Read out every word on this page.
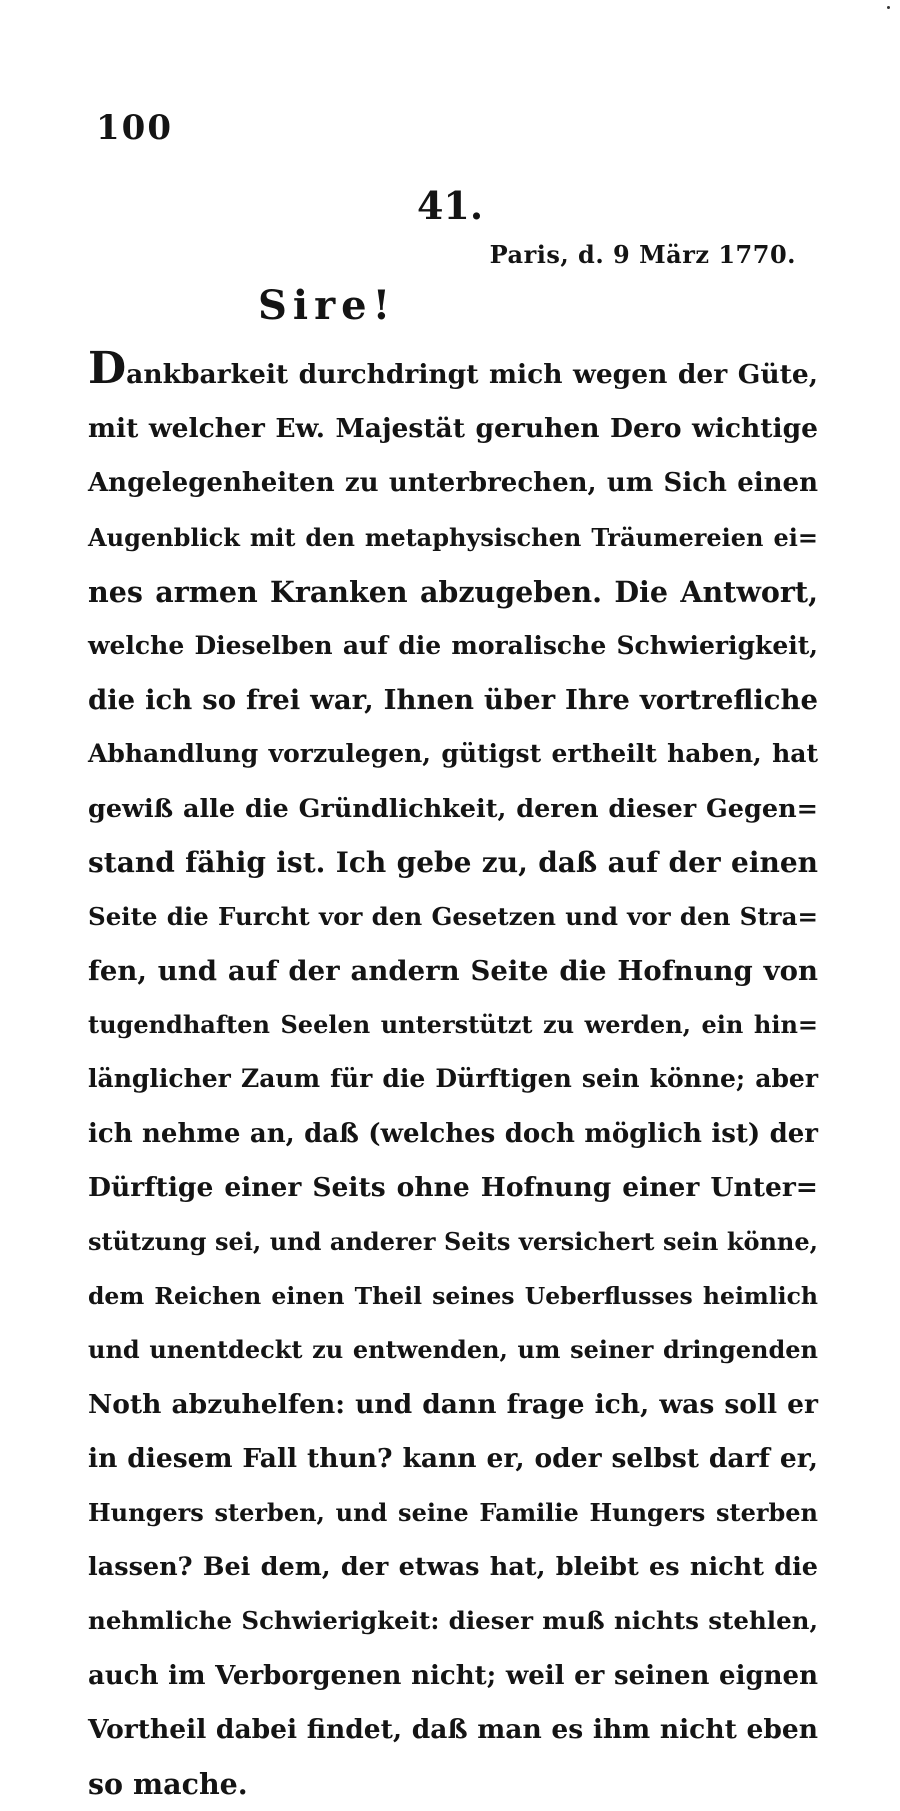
100
41.
Paris, d. 9 März 1770.
Sire!
Dankbarkeit durchdringt mich wegen der Güte,
mit welcher Ew. Majestät geruhen Dero wichtige
Angelegenheiten zu unterbrechen, um Sich einen
Augenblick mit den metaphysischen Träumereien ei=
nes armen Kranken abzugeben. Die Antwort,
welche Dieselben auf die moralische Schwierigkeit,
die ich so frei war, Ihnen über Ihre vortrefliche
Abhandlung vorzulegen, gütigst ertheilt haben, hat
gewiß alle die Gründlichkeit, deren dieser Gegen=
stand fähig ist. Ich gebe zu, daß auf der einen
Seite die Furcht vor den Gesetzen und vor den Stra=
fen, und auf der andern Seite die Hofnung von
tugendhaften Seelen unterstützt zu werden, ein hin=
länglicher Zaum für die Dürftigen sein könne; aber
ich nehme an, daß (welches doch möglich ist) der
Dürftige einer Seits ohne Hofnung einer Unter=
stützung sei, und anderer Seits versichert sein könne,
dem Reichen einen Theil seines Ueberflusses heimlich
und unentdeckt zu entwenden, um seiner dringenden
Noth abzuhelfen: und dann frage ich, was soll er
in diesem Fall thun? kann er, oder selbst darf er,
Hungers sterben, und seine Familie Hungers sterben
lassen? Bei dem, der etwas hat, bleibt es nicht die
nehmliche Schwierigkeit: dieser muß nichts stehlen,
auch im Verborgenen nicht; weil er seinen eignen
Vortheil dabei findet, daß man es ihm nicht eben
so mache.
